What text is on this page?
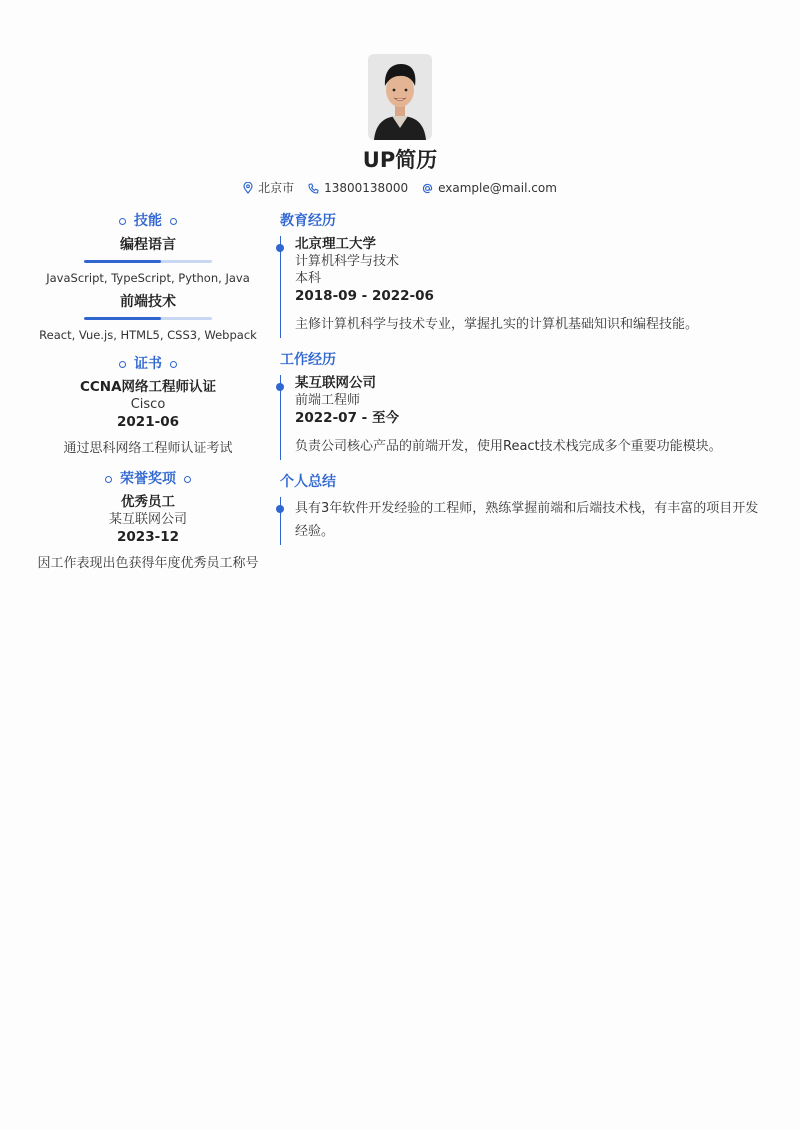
UP简历
北京市	13800138000	example@mail.com
技能
编程语言
JavaScript, TypeScript, Python, Java
前端技术
React, Vue.js, HTML5, CSS3, Webpack
证书
CCNA网络工程师认证
Cisco
2021-06
通过思科网络工程师认证考试
荣誉奖项
优秀员工
某互联网公司
2023-12
因工作表现出色获得年度优秀员工称号
教育经历
北京理工大学
计算机科学与技术
本科
2018-09 - 2022-06
主修计算机科学与技术专业，掌握扎实的计算机基础知识和编程技能。
工作经历
某互联网公司
前端工程师
2022-07 - 至今
负责公司核心产品的前端开发，使用React技术栈完成多个重要功能模块。
个人总结
具有3年软件开发经验的工程师，熟练掌握前端和后端技术栈，有丰富的项目开发经验。
